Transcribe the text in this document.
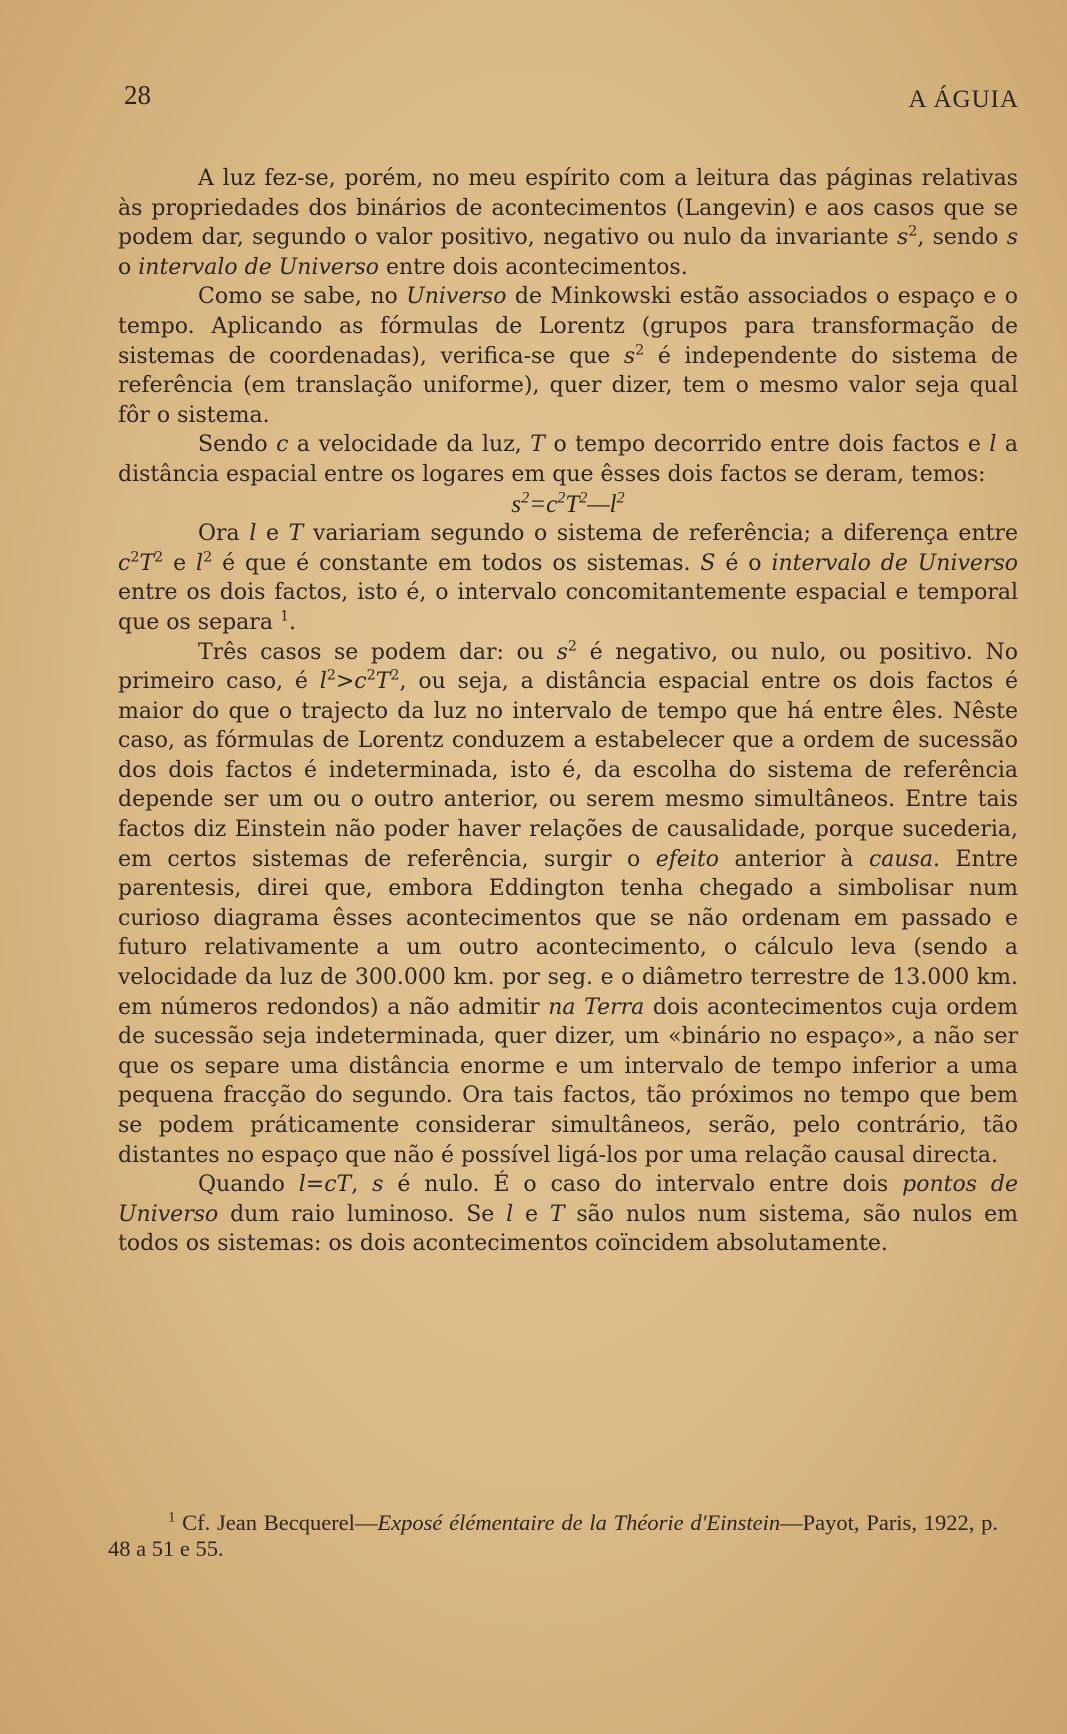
28	A ÁGUIA

A luz fez-se, porém, no meu espírito com a leitura das páginas relativas às propriedades dos binários de acontecimentos (Langevin) e aos casos que se podem dar, segundo o valor positivo, negativo ou nulo da invariante $s^2$, sendo s o intervalo de Universo entre dois acontecimentos.

Como se sabe, no Universo de Minkowski estão associados o espaço e o tempo. Aplicando as fórmulas de Lorentz (grupos para transformação de sistemas de coordenadas), verifica-se que $s^2$ é independente do sistema de referência (em translação uniforme), quer dizer, tem o mesmo valor seja qual fôr o sistema.

Sendo c a velocidade da luz, T o tempo decorrido entre dois factos e l a distância espacial entre os logares em que êsses dois factos se deram, temos:

$s^2=c^2T^2—l^2$

Ora l e T variariam segundo o sistema de referência; a diferença entre $c^2T^2$ e $l^2$ é que é constante em todos os sistemas. S é o intervalo de Universo entre os dois factos, isto é, o intervalo concomitantemente espacial e temporal que os separa $^1$.

Três casos se podem dar: ou $s^2$ é negativo, ou nulo, ou positivo. No primeiro caso, é $l^2>c^2T^2$, ou seja, a distância espacial entre os dois factos é maior do que o trajecto da luz no intervalo de tempo que há entre êles. Nêste caso, as fórmulas de Lorentz conduzem a estabelecer que a ordem de sucessão dos dois factos é indeterminada, isto é, da escolha do sistema de referência depende ser um ou o outro anterior, ou serem mesmo simultâneos. Entre tais factos diz Einstein não poder haver relações de causalidade, porque sucederia, em certos sistemas de referência, surgir o efeito anterior à causa. Entre parentesis, direi que, embora Eddington tenha chegado a simbolisar num curioso diagrama êsses acontecimentos que se não ordenam em passado e futuro relativamente a um outro acontecimento, o cálculo leva (sendo a velocidade da luz de 300.000 km. por seg. e o diâmetro terrestre de 13.000 km. em números redondos) a não admitir na Terra dois acontecimentos cuja ordem de sucessão seja indeterminada, quer dizer, um «binário no espaço», a não ser que os separe uma distância enorme e um intervalo de tempo inferior a uma pequena fracção do segundo. Ora tais factos, tão próximos no tempo que bem se podem práticamente considerar simultâneos, serão, pelo contrário, tão distantes no espaço que não é possível ligá-los por uma relação causal directa.

Quando l=cT, s é nulo. É o caso do intervalo entre dois pontos de Universo dum raio luminoso. Se l e T são nulos num sistema, são nulos em todos os sistemas: os dois acontecimentos coïncidem absolutamente.

$^1$ Cf. Jean Becquerel—Exposé élémentaire de la Théorie d'Einstein—Payot, Paris, 1922, p. 48 a 51 e 55.
